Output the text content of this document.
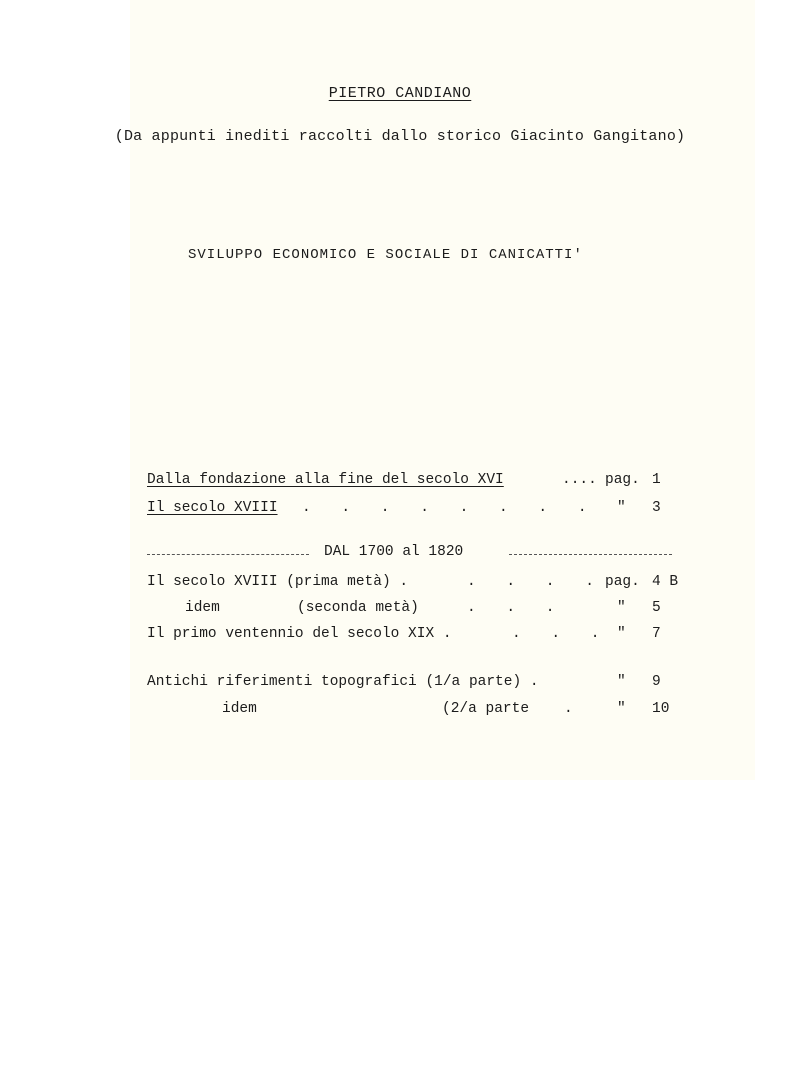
PIETRO CANDIANO
(Da appunti inediti raccolti dallo storico Giacinto Gangitano)
SVILUPPO ECONOMICO E SOCIALE DI CANICATTI'

Dalla fondazione alla fine del secolo XVI

	....

pag.

1

Il secolo XVIII

. . . . . . . .

"

3

DAL 1700 al 1820

Il secolo XVIII (prima metà) .

	. . . .

pag.

4 B

idem

	(seconda metà)

	. . .

	"

5

Il primo ventennio del secolo XIX .

	. . .

"

7

Antichi riferimenti topografici (1/a parte) .

	"

9

idem

	(2/a parte

.

	"

10
